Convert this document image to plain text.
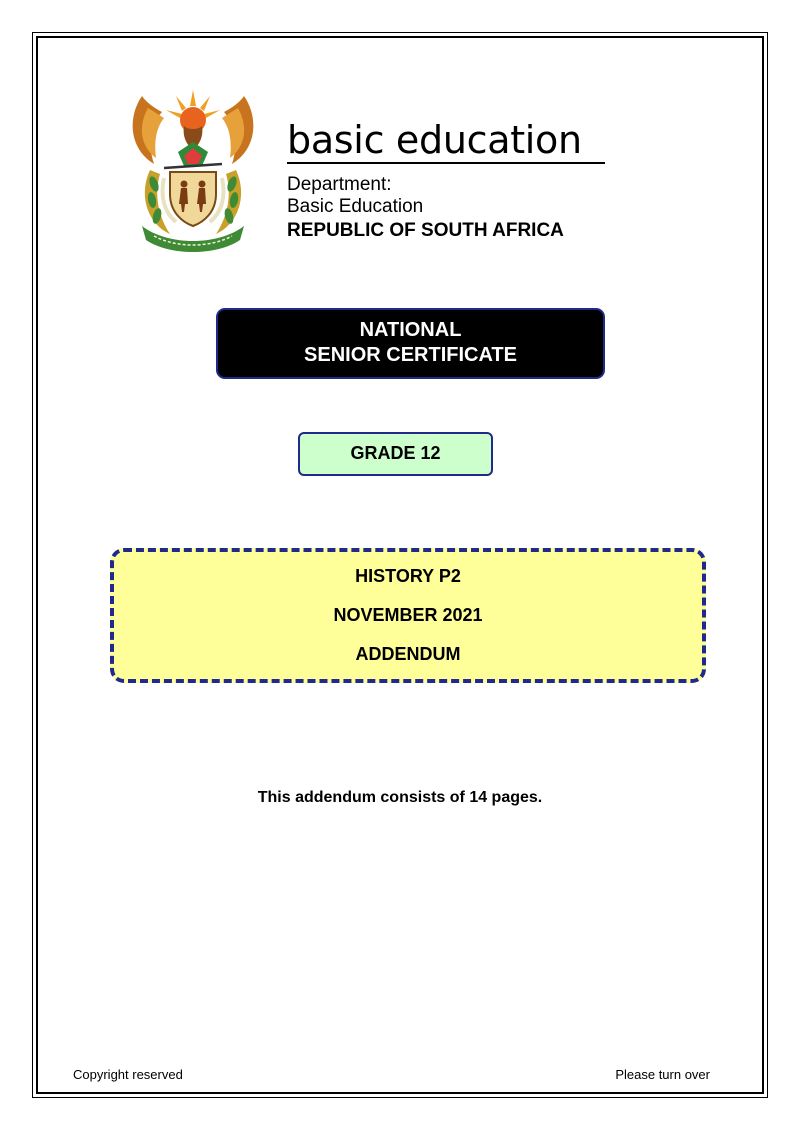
basic education
Department:
Basic Education
REPUBLIC OF SOUTH AFRICA
NATIONAL
SENIOR CERTIFICATE
GRADE 12
HISTORY P2
NOVEMBER 2021
ADDENDUM
This addendum consists of 14 pages.
Copyright reserved	Please turn over
